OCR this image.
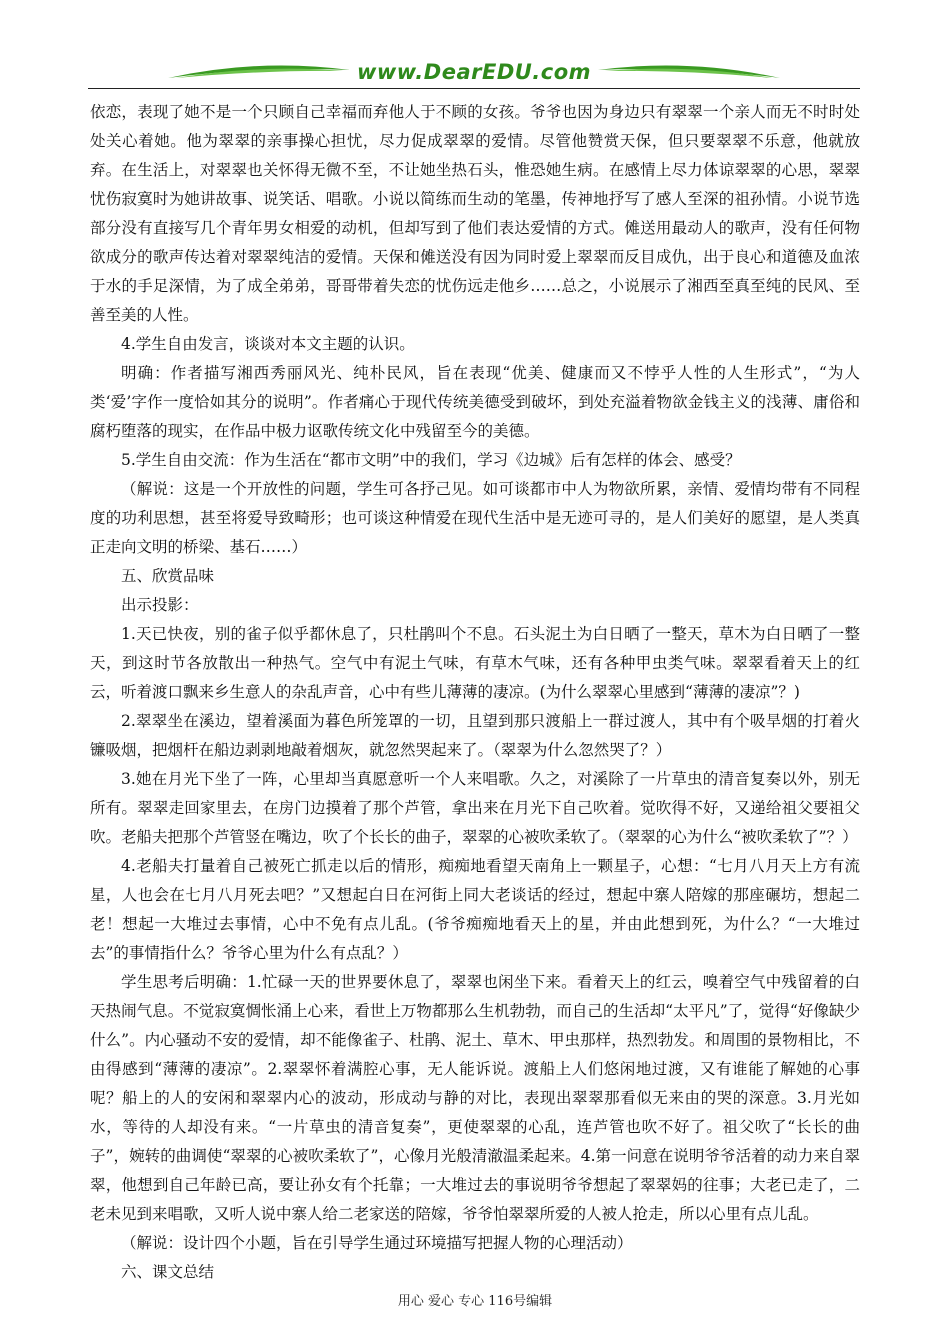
www.DearEDU.com

依恋，表现了她不是一个只顾自己幸福而弃他人于不顾的女孩。爷爷也因为身边只有翠翠一个亲人而无不时时处处关心着她。他为翠翠的亲事操心担忧，尽力促成翠翠的爱情。尽管他赞赏天保，但只要翠翠不乐意，他就放弃。在生活上，对翠翠也关怀得无微不至，不让她坐热石头，惟恐她生病。在感情上尽力体谅翠翠的心思，翠翠忧伤寂寞时为她讲故事、说笑话、唱歌。小说以简练而生动的笔墨，传神地抒写了感人至深的祖孙情。小说节选部分没有直接写几个青年男女相爱的动机，但却写到了他们表达爱情的方式。傩送用最动人的歌声，没有任何物欲成分的歌声传达着对翠翠纯洁的爱情。天保和傩送没有因为同时爱上翠翠而反目成仇，出于良心和道德及血浓于水的手足深情，为了成全弟弟，哥哥带着失恋的忧伤远走他乡……总之，小说展示了湘西至真至纯的民风、至善至美的人性。

4.学生自由发言，谈谈对本文主题的认识。

明确：作者描写湘西秀丽风光、纯朴民风，旨在表现“优美、健康而又不悖乎人性的人生形式”，“为人类‘爱’字作一度恰如其分的说明”。作者痛心于现代传统美德受到破坏，到处充溢着物欲金钱主义的浅薄、庸俗和腐朽堕落的现实，在作品中极力讴歌传统文化中残留至今的美德。

5.学生自由交流：作为生活在“都市文明”中的我们，学习《边城》后有怎样的体会、感受？

（解说：这是一个开放性的问题，学生可各抒己见。如可谈都市中人为物欲所累，亲情、爱情均带有不同程度的功利思想，甚至将爱导致畸形；也可谈这种情爱在现代生活中是无迹可寻的，是人们美好的愿望，是人类真正走向文明的桥梁、基石……）

五、欣赏品味

出示投影：

1.天已快夜，别的雀子似乎都休息了，只杜鹃叫个不息。石头泥土为白日晒了一整天，草木为白日晒了一整天，到这时节各放散出一种热气。空气中有泥土气味，有草木气味，还有各种甲虫类气味。翠翠看着天上的红云，听着渡口飘来乡生意人的杂乱声音，心中有些儿薄薄的凄凉。(为什么翠翠心里感到“薄薄的凄凉”？)

2.翠翠坐在溪边，望着溪面为暮色所笼罩的一切，且望到那只渡船上一群过渡人，其中有个吸旱烟的打着火镰吸烟，把烟杆在船边剥剥地敲着烟灰，就忽然哭起来了。（翠翠为什么忽然哭了？）

3.她在月光下坐了一阵，心里却当真愿意听一个人来唱歌。久之，对溪除了一片草虫的清音复奏以外，别无所有。翠翠走回家里去，在房门边摸着了那个芦管，拿出来在月光下自己吹着。觉吹得不好，又递给祖父要祖父吹。老船夫把那个芦管竖在嘴边，吹了个长长的曲子，翠翠的心被吹柔软了。（翠翠的心为什么“被吹柔软了”？）

4.老船夫打量着自己被死亡抓走以后的情形，痴痴地看望天南角上一颗星子，心想：“七月八月天上方有流星，人也会在七月八月死去吧？”又想起白日在河街上同大老谈话的经过，想起中寨人陪嫁的那座碾坊，想起二老！想起一大堆过去事情，心中不免有点儿乱。(爷爷痴痴地看天上的星，并由此想到死，为什么？“一大堆过去”的事情指什么？爷爷心里为什么有点乱？）

学生思考后明确：1.忙碌一天的世界要休息了，翠翠也闲坐下来。看着天上的红云，嗅着空气中残留着的白天热闹气息。不觉寂寞惆怅涌上心来，看世上万物都那么生机勃勃，而自己的生活却“太平凡”了，觉得“好像缺少什么”。内心骚动不安的爱情，却不能像雀子、杜鹃、泥土、草木、甲虫那样，热烈勃发。和周围的景物相比，不由得感到“薄薄的凄凉”。2.翠翠怀着满腔心事，无人能诉说。渡船上人们悠闲地过渡，又有谁能了解她的心事呢？船上的人的安闲和翠翠内心的波动，形成动与静的对比，表现出翠翠那看似无来由的哭的深意。3.月光如水，等待的人却没有来。“一片草虫的清音复奏”，更使翠翠的心乱，连芦管也吹不好了。祖父吹了“长长的曲子”，婉转的曲调使“翠翠的心被吹柔软了”，心像月光般清澈温柔起来。4.第一问意在说明爷爷活着的动力来自翠翠，他想到自己年龄已高，要让孙女有个托靠；一大堆过去的事说明爷爷想起了翠翠妈的往事；大老已走了，二老未见到来唱歌，又听人说中寨人给二老家送的陪嫁，爷爷怕翠翠所爱的人被人抢走，所以心里有点儿乱。

（解说：设计四个小题，旨在引导学生通过环境描写把握人物的心理活动）

六、课文总结

用心 爱心 专心 116号编辑
